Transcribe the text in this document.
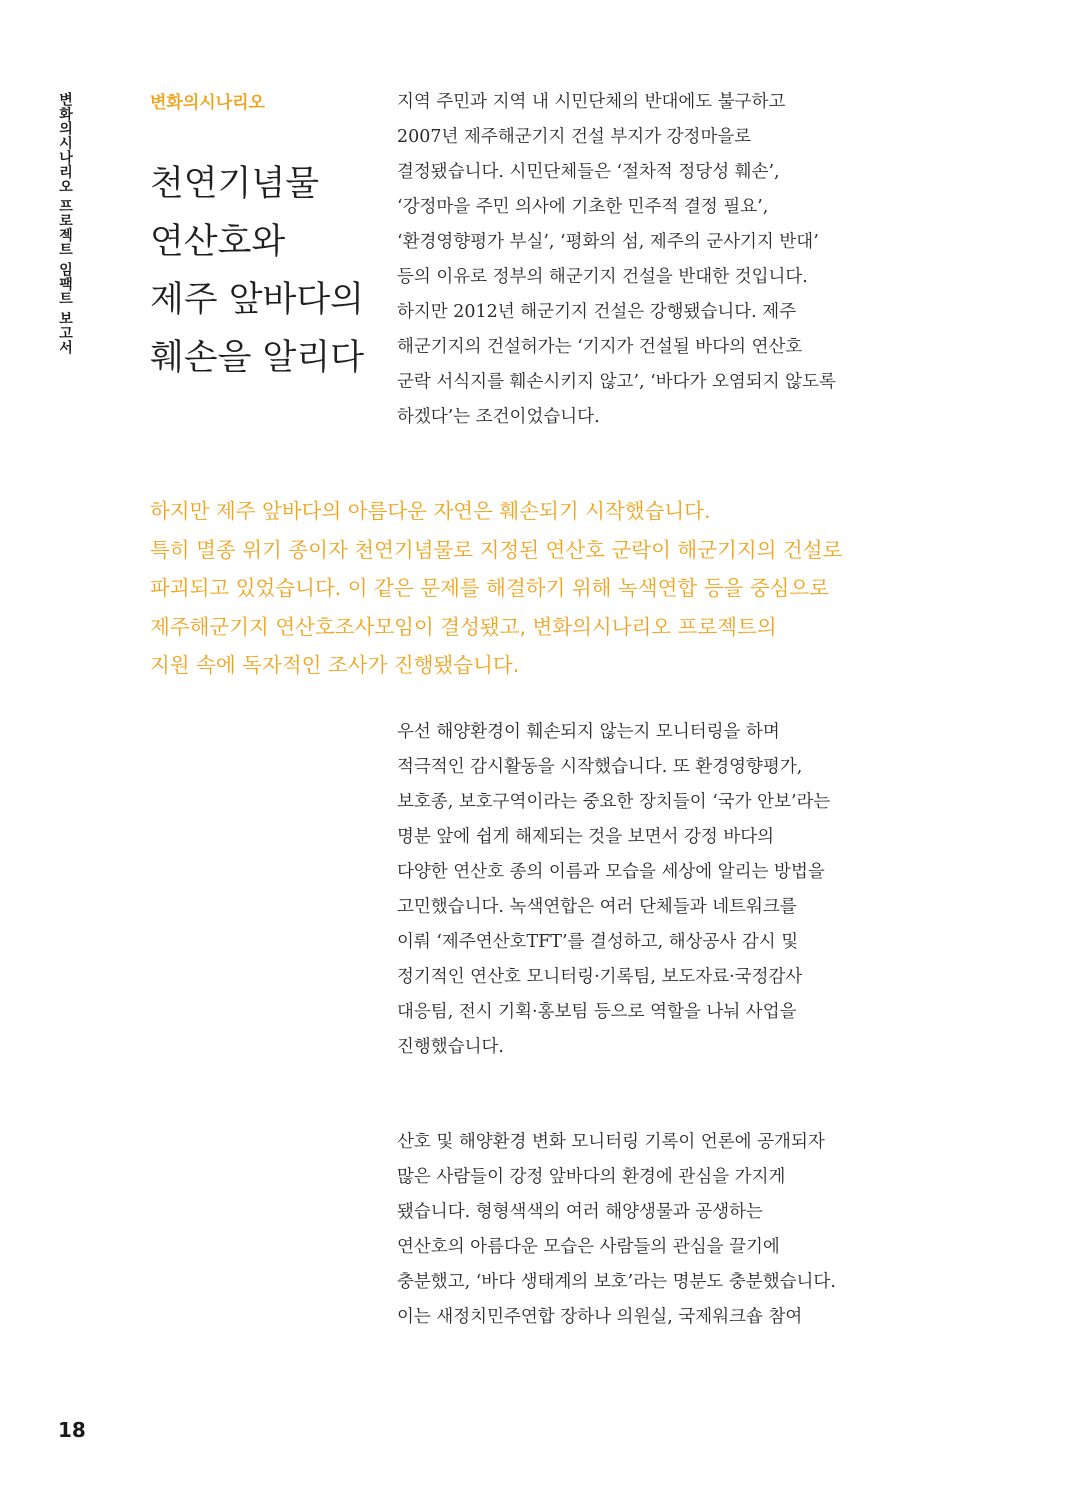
변화의시나리오 프로젝트 임팩트 보고서	변화의시나리오
천연기념물
연산호와
제주 앞바다의
훼손을 알리다
지역 주민과 지역 내 시민단체의 반대에도 불구하고
2007년 제주해군기지 건설 부지가 강정마을로
결정됐습니다. 시민단체들은 ‘절차적 정당성 훼손’,
‘강정마을 주민 의사에 기초한 민주적 결정 필요’,
‘환경영향평가 부실’, ‘평화의 섬, 제주의 군사기지 반대’
등의 이유로 정부의 해군기지 건설을 반대한 것입니다.
하지만 2012년 해군기지 건설은 강행됐습니다. 제주
해군기지의 건설허가는 ‘기지가 건설될 바다의 연산호
군락 서식지를 훼손시키지 않고’, ‘바다가 오염되지 않도록
하겠다’는 조건이었습니다.
하지만 제주 앞바다의 아름다운 자연은 훼손되기 시작했습니다.
특히 멸종 위기 종이자 천연기념물로 지정된 연산호 군락이 해군기지의 건설로
파괴되고 있었습니다. 이 같은 문제를 해결하기 위해 녹색연합 등을 중심으로
제주해군기지 연산호조사모임이 결성됐고, 변화의시나리오 프로젝트의
지원 속에 독자적인 조사가 진행됐습니다.
우선 해양환경이 훼손되지 않는지 모니터링을 하며
적극적인 감시활동을 시작했습니다. 또 환경영향평가,
보호종, 보호구역이라는 중요한 장치들이 ‘국가 안보’라는
명분 앞에 쉽게 해제되는 것을 보면서 강정 바다의
다양한 연산호 종의 이름과 모습을 세상에 알리는 방법을
고민했습니다. 녹색연합은 여러 단체들과 네트워크를
이뤄 ‘제주연산호TFT’를 결성하고, 해상공사 감시 및
정기적인 연산호 모니터링·기록팀, 보도자료·국정감사
대응팀, 전시 기획·홍보팀 등으로 역할을 나눠 사업을
진행했습니다.
산호 및 해양환경 변화 모니터링 기록이 언론에 공개되자
많은 사람들이 강정 앞바다의 환경에 관심을 가지게
됐습니다. 형형색색의 여러 해양생물과 공생하는
연산호의 아름다운 모습은 사람들의 관심을 끌기에
충분했고, ‘바다 생태계의 보호’라는 명분도 충분했습니다.
이는 새정치민주연합 장하나 의원실, 국제워크숍 참여
18
